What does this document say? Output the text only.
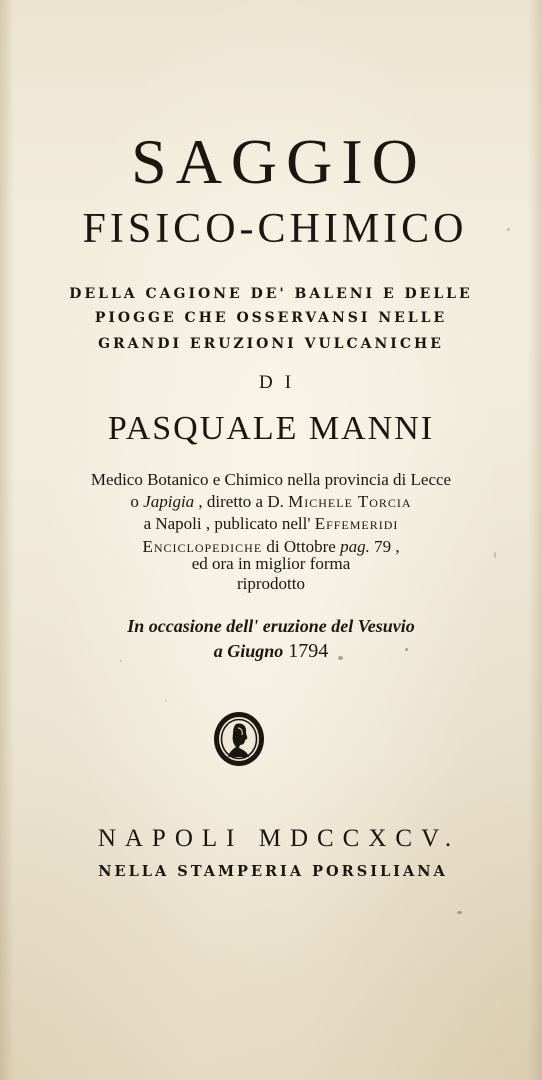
SAGGIO
FISICO-CHIMICO
DELLA CAGIONE DE' BALENI E DELLE
PIOGGE CHE OSSERVANSI NELLE
GRANDI ERUZIONI VULCANICHE
DI
PASQUALE MANNI
Medico Botanico e Chimico nella provincia di Lecce
o Japigia , diretto a D. Michele Torcia
a Napoli , publicato nell' Effemeridi
Enciclopediche di Ottobre pag. 79 ,
ed ora in miglior forma
riprodotto
In occasione dell' eruzione del Vesuvio
a Giugno 1794
NAPOLI MDCCXCV.
NELLA STAMPERIA PORSILIANA
